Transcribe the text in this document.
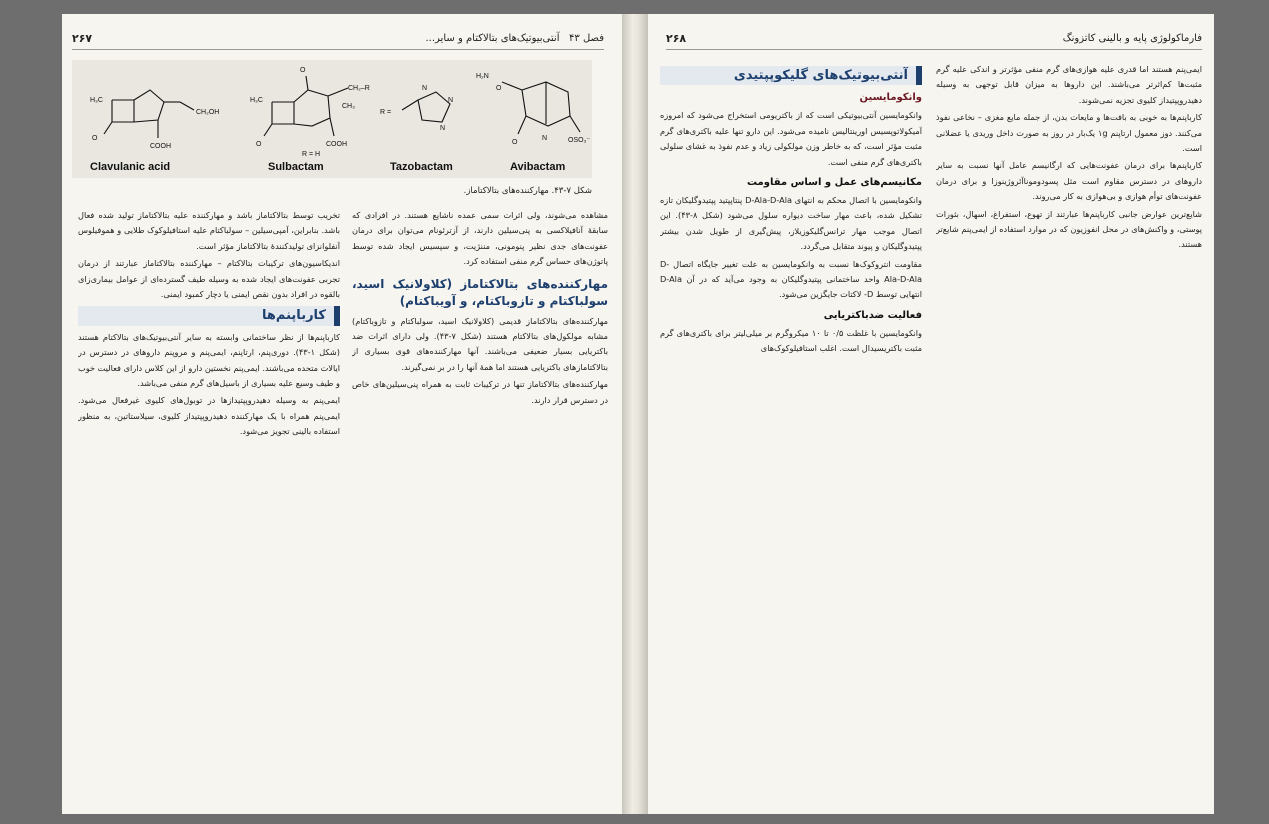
فصل ۴۳   آنتی‌بیوتیک‌های بتالاکتام و سایر...
۲۶۷
H₃C
O
CH₂OH
COOH
Clavulanic acid
O
H₃C
CH₂–R
CH₃
COOH
O
R = H
Sulbactam
R =
N
N
N
Tazobactam
H₂N
O
O
N	OSO₃⁻
Avibactam
شکل ۷-۴۳. مهارکننده‌های بتالاکتاماز.

مشاهده می‌شوند، ولی اثرات سمی عمده ناشایع هستند. در افرادی که سابقهٔ آنافیلاکسی به پنی‌سیلین دارند، از آزترئونام می‌توان برای درمان عفونت‌های جدی نظیر پنومونی، مننژیت، و سپسیس ایجاد شده توسط پاتوژن‌های حساس گرم منفی استفاده کرد.

مهارکننده‌های بتالاکتاماز (کلاولانیک اسید، سولباکتام و تازوباکتام، و آویباکتام)

مهارکننده‌های بتالاکتاماز قدیمی (کلاولانیک اسید، سولباکتام و تازوباکتام) مشابه مولکول‌های بتالاکتام هستند (شکل ۷-۴۳). ولی دارای اثرات ضد باکتریایی بسیار ضعیفی می‌باشند. آنها مهارکننده‌های قوی بسیاری از بتالاکتامازهای باکتریایی هستند اما همهٔ آنها را در بر نمی‌گیرند.

مهارکننده‌های بتالاکتاماز تنها در ترکیبات ثابت به همراه پنی‌سیلین‌های خاص در دسترس قرار دارند.

تخریب توسط بتالاکتاماز باشد و مهارکننده علیه بتالاکتاماز تولید شده فعال باشد. بنابراین، آمپی‌سیلین – سولباکتام علیه استافیلوکوک طلایی و هموفیلوس آنفلوانزای تولیدکنندهٔ بتالاکتاماز مؤثر است.

اندیکاسیون‌های ترکیبات بتالاکتام – مهارکننده بتالاکتاماز عبارتند از درمان تجربی عفونت‌های ایجاد شده به وسیله طیف گسترده‌ای از عوامل بیماری‌زای بالقوه در افراد بدون نقص ایمنی یا دچار کمبود ایمنی.

کارباپنم‌ها

کارباپنم‌ها از نظر ساختمانی وابسته به سایر آنتی‌بیوتیک‌های بتالاکتام هستند (شکل ۱-۴۳). دوری‌پنم، ارتاپنم، ایمی‌پنم و مروپنم داروهای در دسترس در ایالات متحده می‌باشند. ایمی‌پنم نخستین دارو از این کلاس دارای فعالیت خوب و طیف وسیع علیه بسیاری از باسیل‌های گرم منفی می‌باشد.

ایمی‌پنم به وسیله دهیدروپپتیدازها در توبول‌های کلیوی غیرفعال می‌شود. ایمی‌پنم همراه با یک مهارکننده دهیدروپپتیداز کلیوی، سیلاستاتین، به منظور استفاده بالینی تجویز می‌شود.

فارماکولوژی پایه و بالینی کاتزونگ
۲۶۸

ایمی‌پنم هستند اما قدری علیه هوازی‌های گرم منفی مؤثرتر و اندکی علیه گرم مثبت‌ها کم‌اثرتر می‌باشند. این داروها به میزان قابل توجهی به وسیله دهیدروپپتیداز کلیوی تجزیه نمی‌شوند.

کارباپنم‌ها به خوبی به بافت‌ها و مایعات بدن، از جمله مایع مغزی – نخاعی نفوذ می‌کنند. دوز معمول ارتاپنم ۱g یک‌بار در روز به صورت داخل وریدی یا عضلانی است.

کارباپنم‌ها برای درمان عفونت‌هایی که ارگانیسم عامل آنها نسبت به سایر داروهای در دسترس مقاوم است مثل پسودوموناآئروژینوزا و برای درمان عفونت‌های توأم هوازی و بی‌هوازی به کار می‌روند.

شایع‌ترین عوارض جانبی کارباپنم‌ها عبارتند از تهوع، استفراغ، اسهال، بثورات پوستی، و واکنش‌های در محل انفوزیون که در موارد استفاده از ایمی‌پنم شایع‌تر هستند.

آنتی‌بیوتیک‌های گلیکوپپتیدی
وانکومایسین

وانکومایسین آنتی‌بیوتیکی است که از باکتریومی استخراج می‌شود که امروزه آمیکولاتوپسیس اورینتالیس نامیده می‌شود. این دارو تنها علیه باکتری‌های گرم مثبت مؤثر است، که به خاطر وزن مولکولی زیاد و عدم نفوذ به غشای سلولی باکتری‌های گرم منفی است.

مکانیسم‌های عمل و اساس مقاومت

وانکومایسین با اتصال محکم به انتهای D-Ala-D-Ala پنتاپپتید پپتیدوگلیکان تازه تشکیل شده، باعث مهار ساخت دیواره سلول می‌شود (شکل ۸-۴۳). این اتصال موجب مهار ترانس‌گلیکوزیلاز، پیش‌گیری از طویل شدن بیشتر پپتیدوگلیکان و پیوند متقابل می‌گردد.

مقاومت انتروکوک‌ها نسبت به وانکومایسین به علت تغییر جایگاه اتصال D-Ala-D-Ala واحد ساختمانی پپتیدوگلیکان به وجود می‌آید که در آن D-Ala انتهایی توسط D- لاکتات جایگزین می‌شود.

فعالیت ضدباکتریایی

وانکومایسین با غلظت ۰/۵ تا ۱۰ میکروگرم بر میلی‌لیتر برای باکتری‌های گرم مثبت باکتریسیدال است. اغلب استافیلوکوک‌های
